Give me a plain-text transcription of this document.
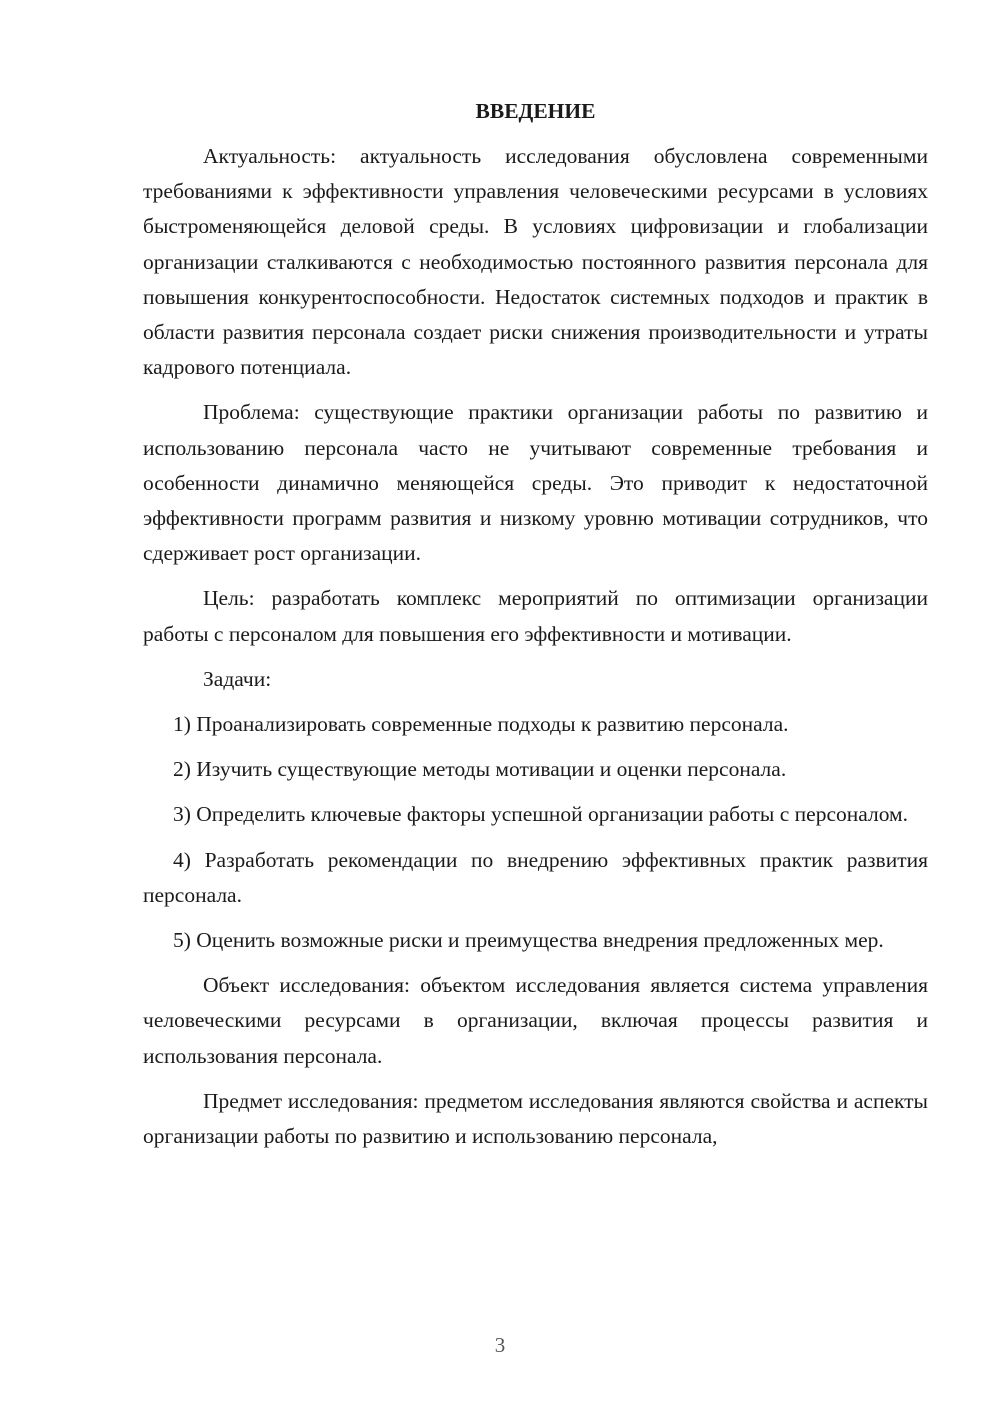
ВВЕДЕНИЕ

Актуальность: актуальность исследования обусловлена современными требованиями к эффективности управления человеческими ресурсами в условиях быстроменяющейся деловой среды. В условиях цифровизации и глобализации организации сталкиваются с необходимостью постоянного развития персонала для повышения конкурентоспособности. Недостаток системных подходов и практик в области развития персонала создает риски снижения производительности и утраты кадрового потенциала.

Проблема: существующие практики организации работы по развитию и использованию персонала часто не учитывают современные требования и особенности динамично меняющейся среды. Это приводит к недостаточной эффективности программ развития и низкому уровню мотивации сотрудников, что сдерживает рост организации.

Цель: разработать комплекс мероприятий по оптимизации организации работы с персоналом для повышения его эффективности и мотивации.

Задачи:

1) Проанализировать современные подходы к развитию персонала.

2) Изучить существующие методы мотивации и оценки персонала.

3) Определить ключевые факторы успешной организации работы с персоналом.

4) Разработать рекомендации по внедрению эффективных практик развития персонала.

5) Оценить возможные риски и преимущества внедрения предложенных мер.

Объект исследования: объектом исследования является система управления человеческими ресурсами в организации, включая процессы развития и использования персонала.

Предмет исследования: предметом исследования являются свойства и аспекты организации работы по развитию и использованию персонала,

3
